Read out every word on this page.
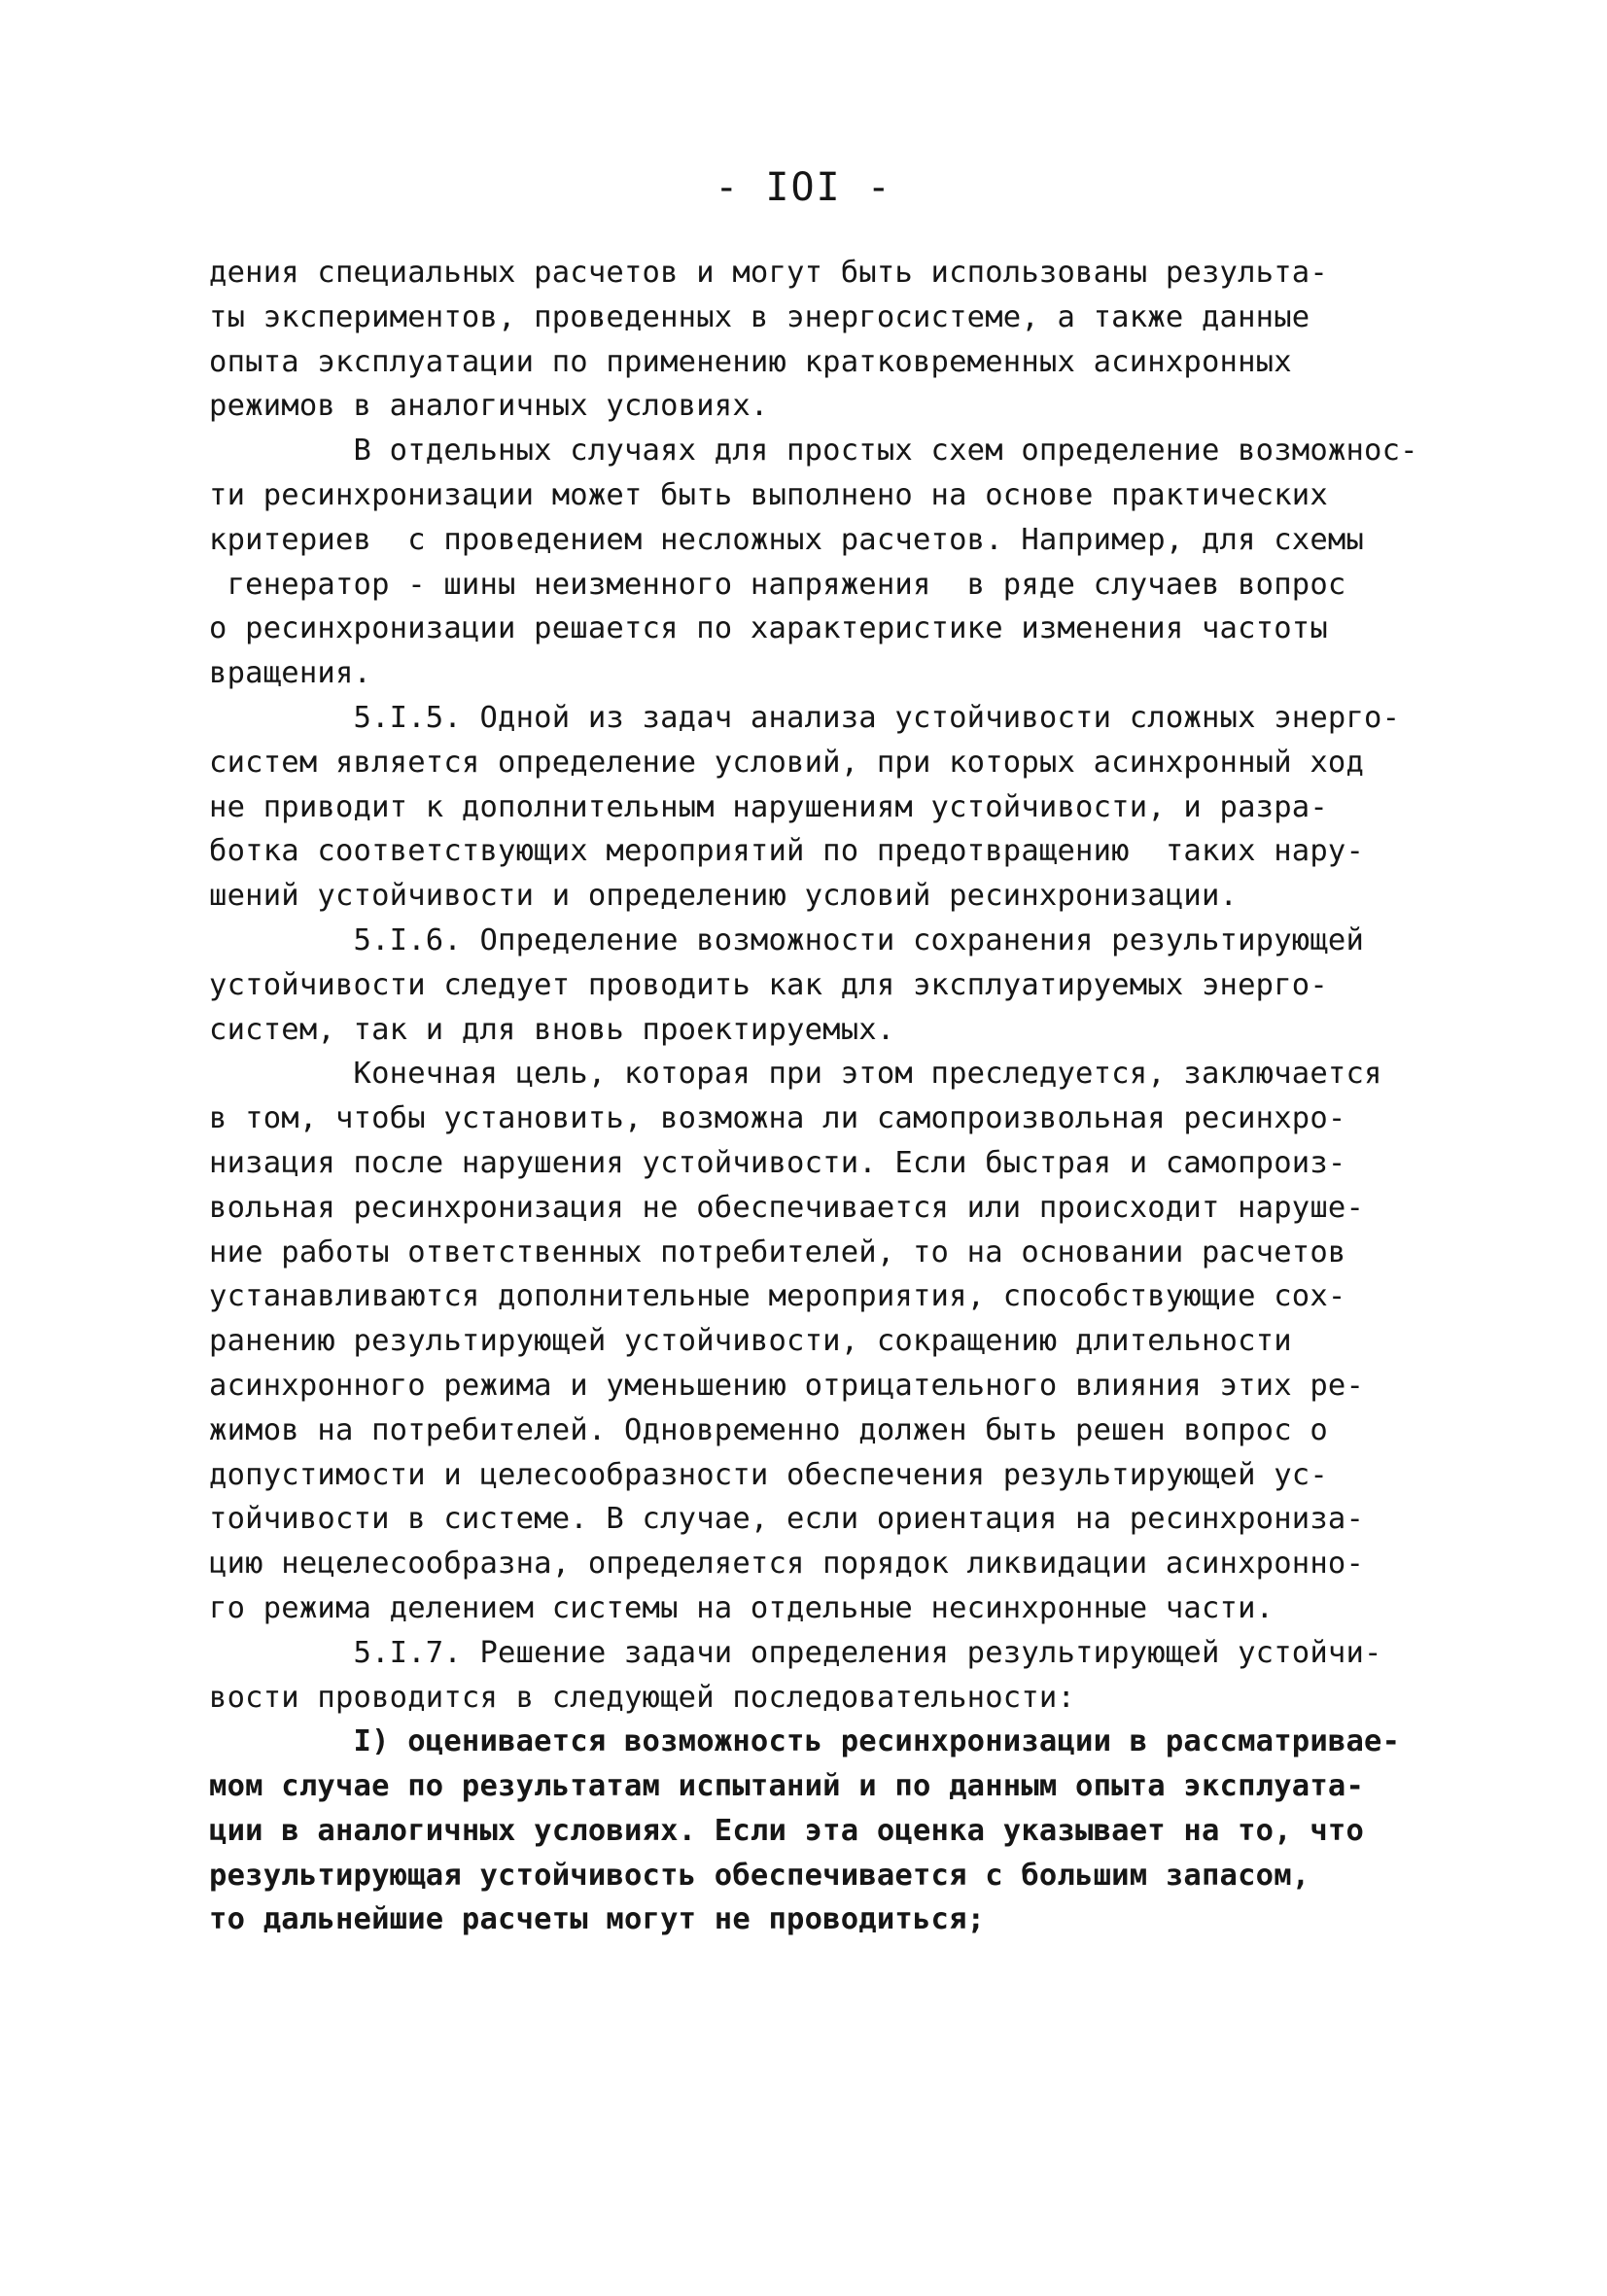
- IOI -
дения специальных расчетов и могут быть использованы результа-
ты экспериментов, проведенных в энергосистеме, а также данные
опыта эксплуатации по применению кратковременных асинхронных
режимов в аналогичных условиях.
В отдельных случаях для простых схем определение возможнос-
ти ресинхронизации может быть выполнено на основе практических
критериев  с проведением несложных расчетов. Например, для схемы
генератор - шины неизменного напряжения  в ряде случаев вопрос
о ресинхронизации решается по характеристике изменения частоты
вращения.
5.I.5. Одной из задач анализа устойчивости сложных энерго-
систем является определение условий, при которых асинхронный ход
не приводит к дополнительным нарушениям устойчивости, и разра-
ботка соответствующих мероприятий по предотвращению  таких нару-
шений устойчивости и определению условий ресинхронизации.
5.I.6. Определение возможности сохранения результирующей
устойчивости следует проводить как для эксплуатируемых энерго-
систем, так и для вновь проектируемых.
Конечная цель, которая при этом преследуется, заключается
в том, чтобы установить, возможна ли самопроизвольная ресинхро-
низация после нарушения устойчивости. Если быстрая и самопроиз-
вольная ресинхронизация не обеспечивается или происходит наруше-
ние работы ответственных потребителей, то на основании расчетов
устанавливаются дополнительные мероприятия, способствующие сох-
ранению результирующей устойчивости, сокращению длительности
асинхронного режима и уменьшению отрицательного влияния этих ре-
жимов на потребителей. Одновременно должен быть решен вопрос о
допустимости и целесообразности обеспечения результирующей ус-
тойчивости в системе. В случае, если ориентация на ресинхрониза-
цию нецелесообразна, определяется порядок ликвидации асинхронно-
го режима делением системы на отдельные несинхронные части.
5.I.7. Решение задачи определения результирующей устойчи-
вости проводится в следующей последовательности:
I) оценивается возможность ресинхронизации в рассматривае-
мом случае по результатам испытаний и по данным опыта эксплуата-
ции в аналогичных условиях. Если эта оценка указывает на то, что
результирующая устойчивость обеспечивается с большим запасом,
то дальнейшие расчеты могут не проводиться;
